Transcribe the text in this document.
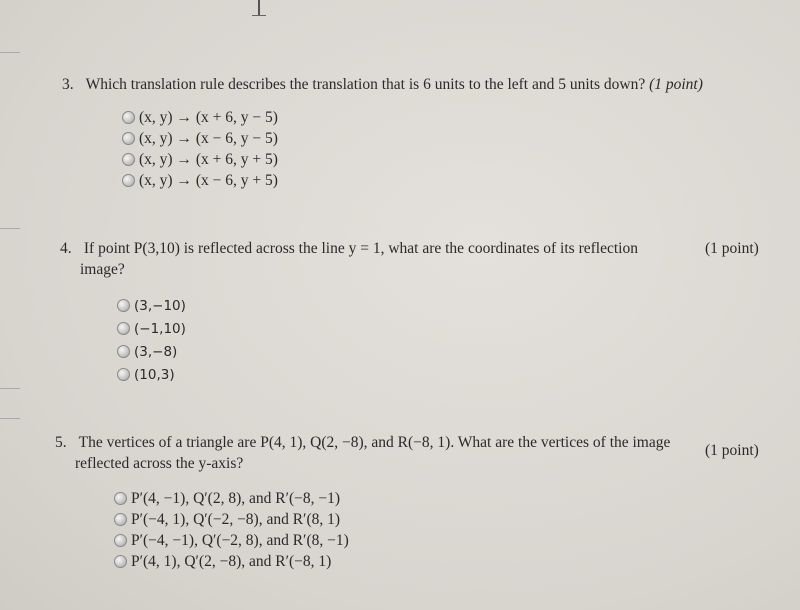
3. Which translation rule describes the translation that is 6 units to the left and 5 units down? (1 point)
(x, y) → (x + 6, y − 5)
(x, y) → (x − 6, y − 5)
(x, y) → (x + 6, y + 5)
(x, y) → (x − 6, y + 5)
4. If point P(3,10) is reflected across the line y = 1, what are the coordinates of its reflection
image?
(1 point)
(3,−10)
(−1,10)
(3,−8)
(10,3)
5. The vertices of a triangle are P(4, 1), Q(2, −8), and R(−8, 1). What are the vertices of the image
reflected across the y-axis?
(1 point)
P′(4, −1), Q′(2, 8), and R′(−8, −1)
P′(−4, 1), Q′(−2, −8), and R′(8, 1)
P′(−4, −1), Q′(−2, 8), and R′(8, −1)
P′(4, 1), Q′(2, −8), and R′(−8, 1)
